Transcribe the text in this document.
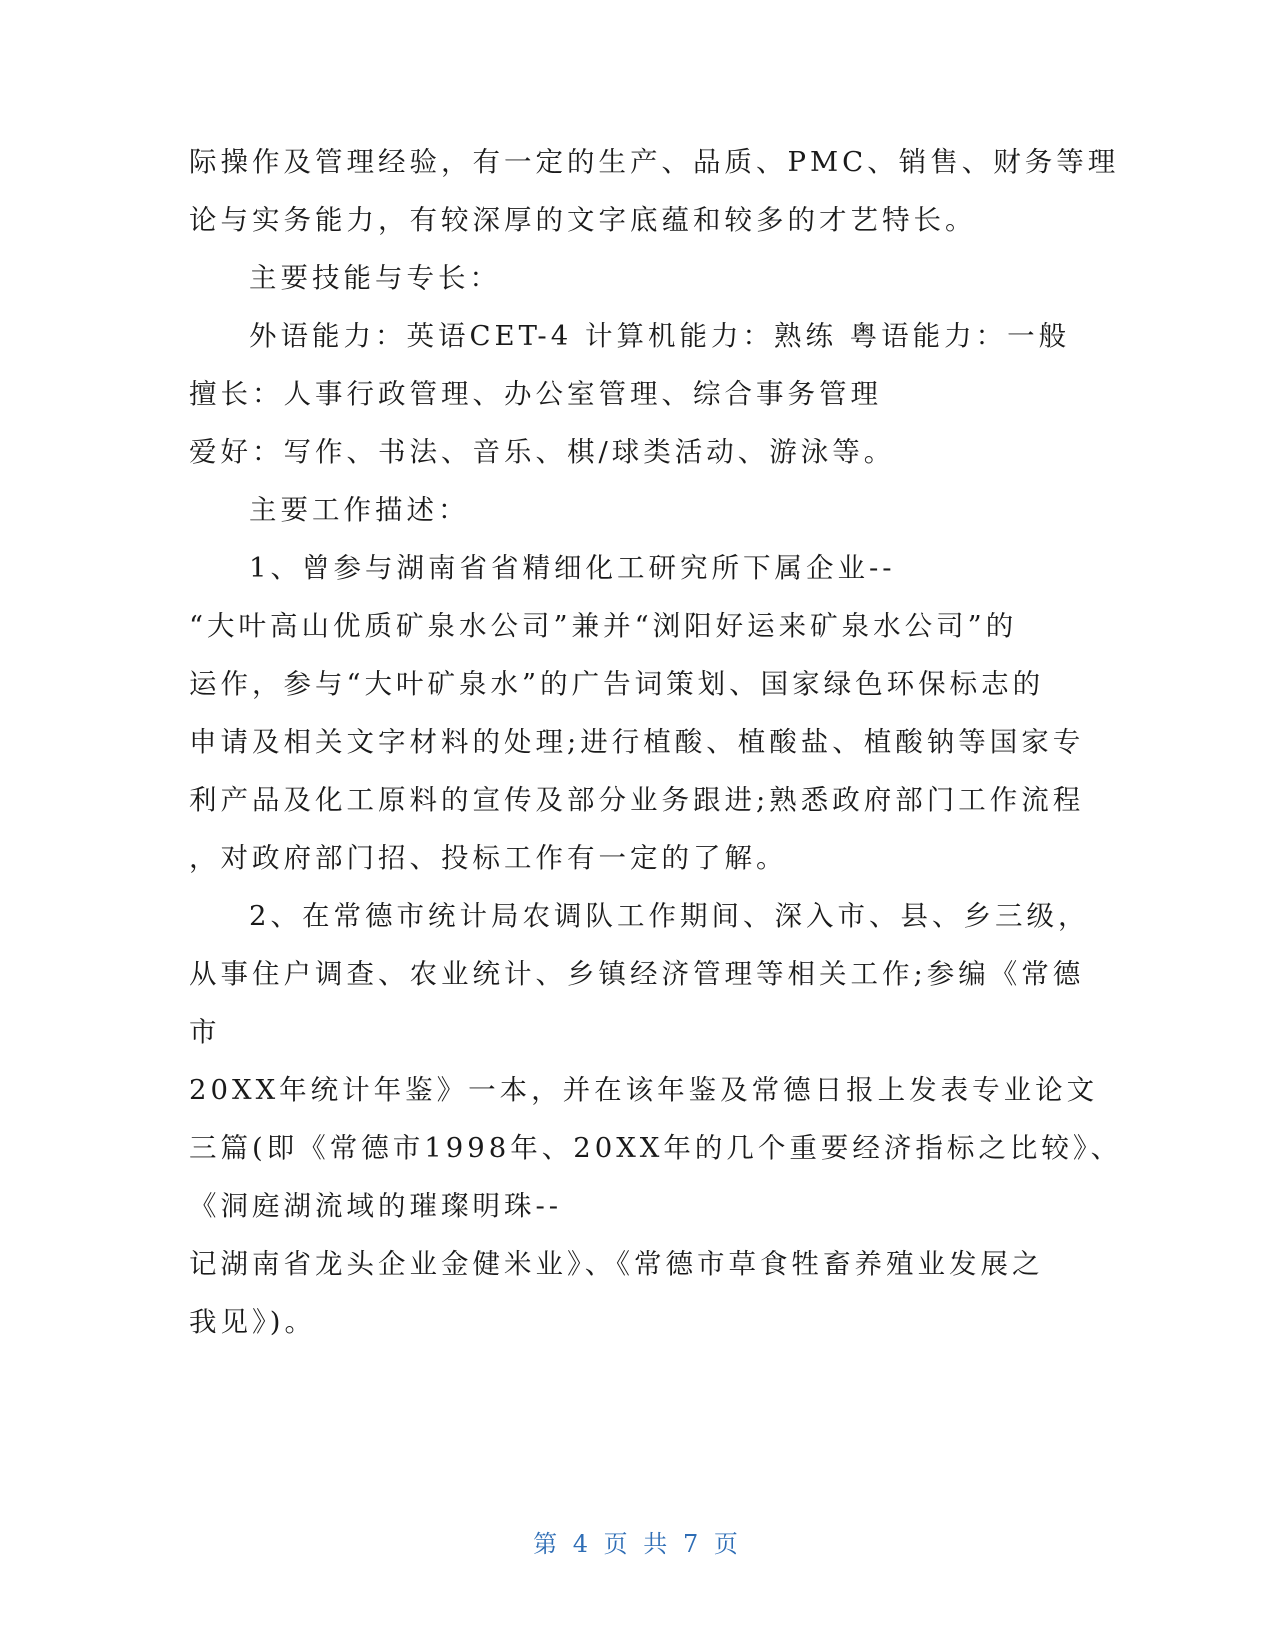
际操作及管理经验，有一定的生产、品质、PMC、销售、财务等理
论与实务能力，有较深厚的文字底蕴和较多的才艺特长。
主要技能与专长：
外语能力：英语CET-4 计算机能力：熟练 粤语能力：一般
擅长：人事行政管理、办公室管理、综合事务管理
爱好：写作、书法、音乐、棋/球类活动、游泳等。
主要工作描述：
1、曾参与湖南省省精细化工研究所下属企业--
“大叶高山优质矿泉水公司”兼并“浏阳好运来矿泉水公司”的
运作，参与“大叶矿泉水”的广告词策划、国家绿色环保标志的
申请及相关文字材料的处理;进行植酸、植酸盐、植酸钠等国家专
利产品及化工原料的宣传及部分业务跟进;熟悉政府部门工作流程
，对政府部门招、投标工作有一定的了解。
2、在常德市统计局农调队工作期间、深入市、县、乡三级，
从事住户调查、农业统计、乡镇经济管理等相关工作;参编《常德
市
20XX年统计年鉴》一本，并在该年鉴及常德日报上发表专业论文
三篇(即《常德市1998年、20XX年的几个重要经济指标之比较》、
《洞庭湖流域的璀璨明珠--
记湖南省龙头企业金健米业》、《常德市草食牲畜养殖业发展之
我见》)。
第 4 页 共 7 页
